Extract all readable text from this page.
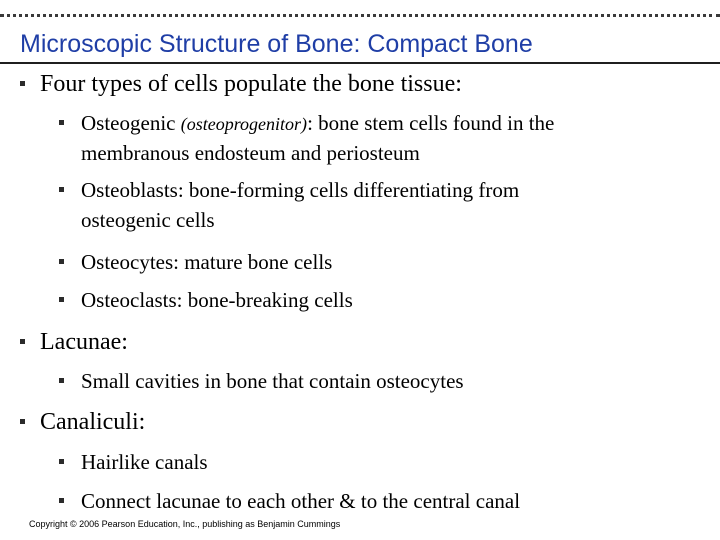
Microscopic Structure of Bone: Compact Bone
Four types of cells populate the bone tissue:
Osteogenic (osteoprogenitor): bone stem cells found in the
membranous endosteum and periosteum
Osteoblasts: bone-forming cells differentiating from
osteogenic cells
Osteocytes: mature bone cells
Osteoclasts: bone-breaking cells
Lacunae:
Small cavities in bone that contain osteocytes
Canaliculi:
Hairlike canals
Connect lacunae to each other & to the central canal
Copyright © 2006 Pearson Education, Inc., publishing as Benjamin Cummings
